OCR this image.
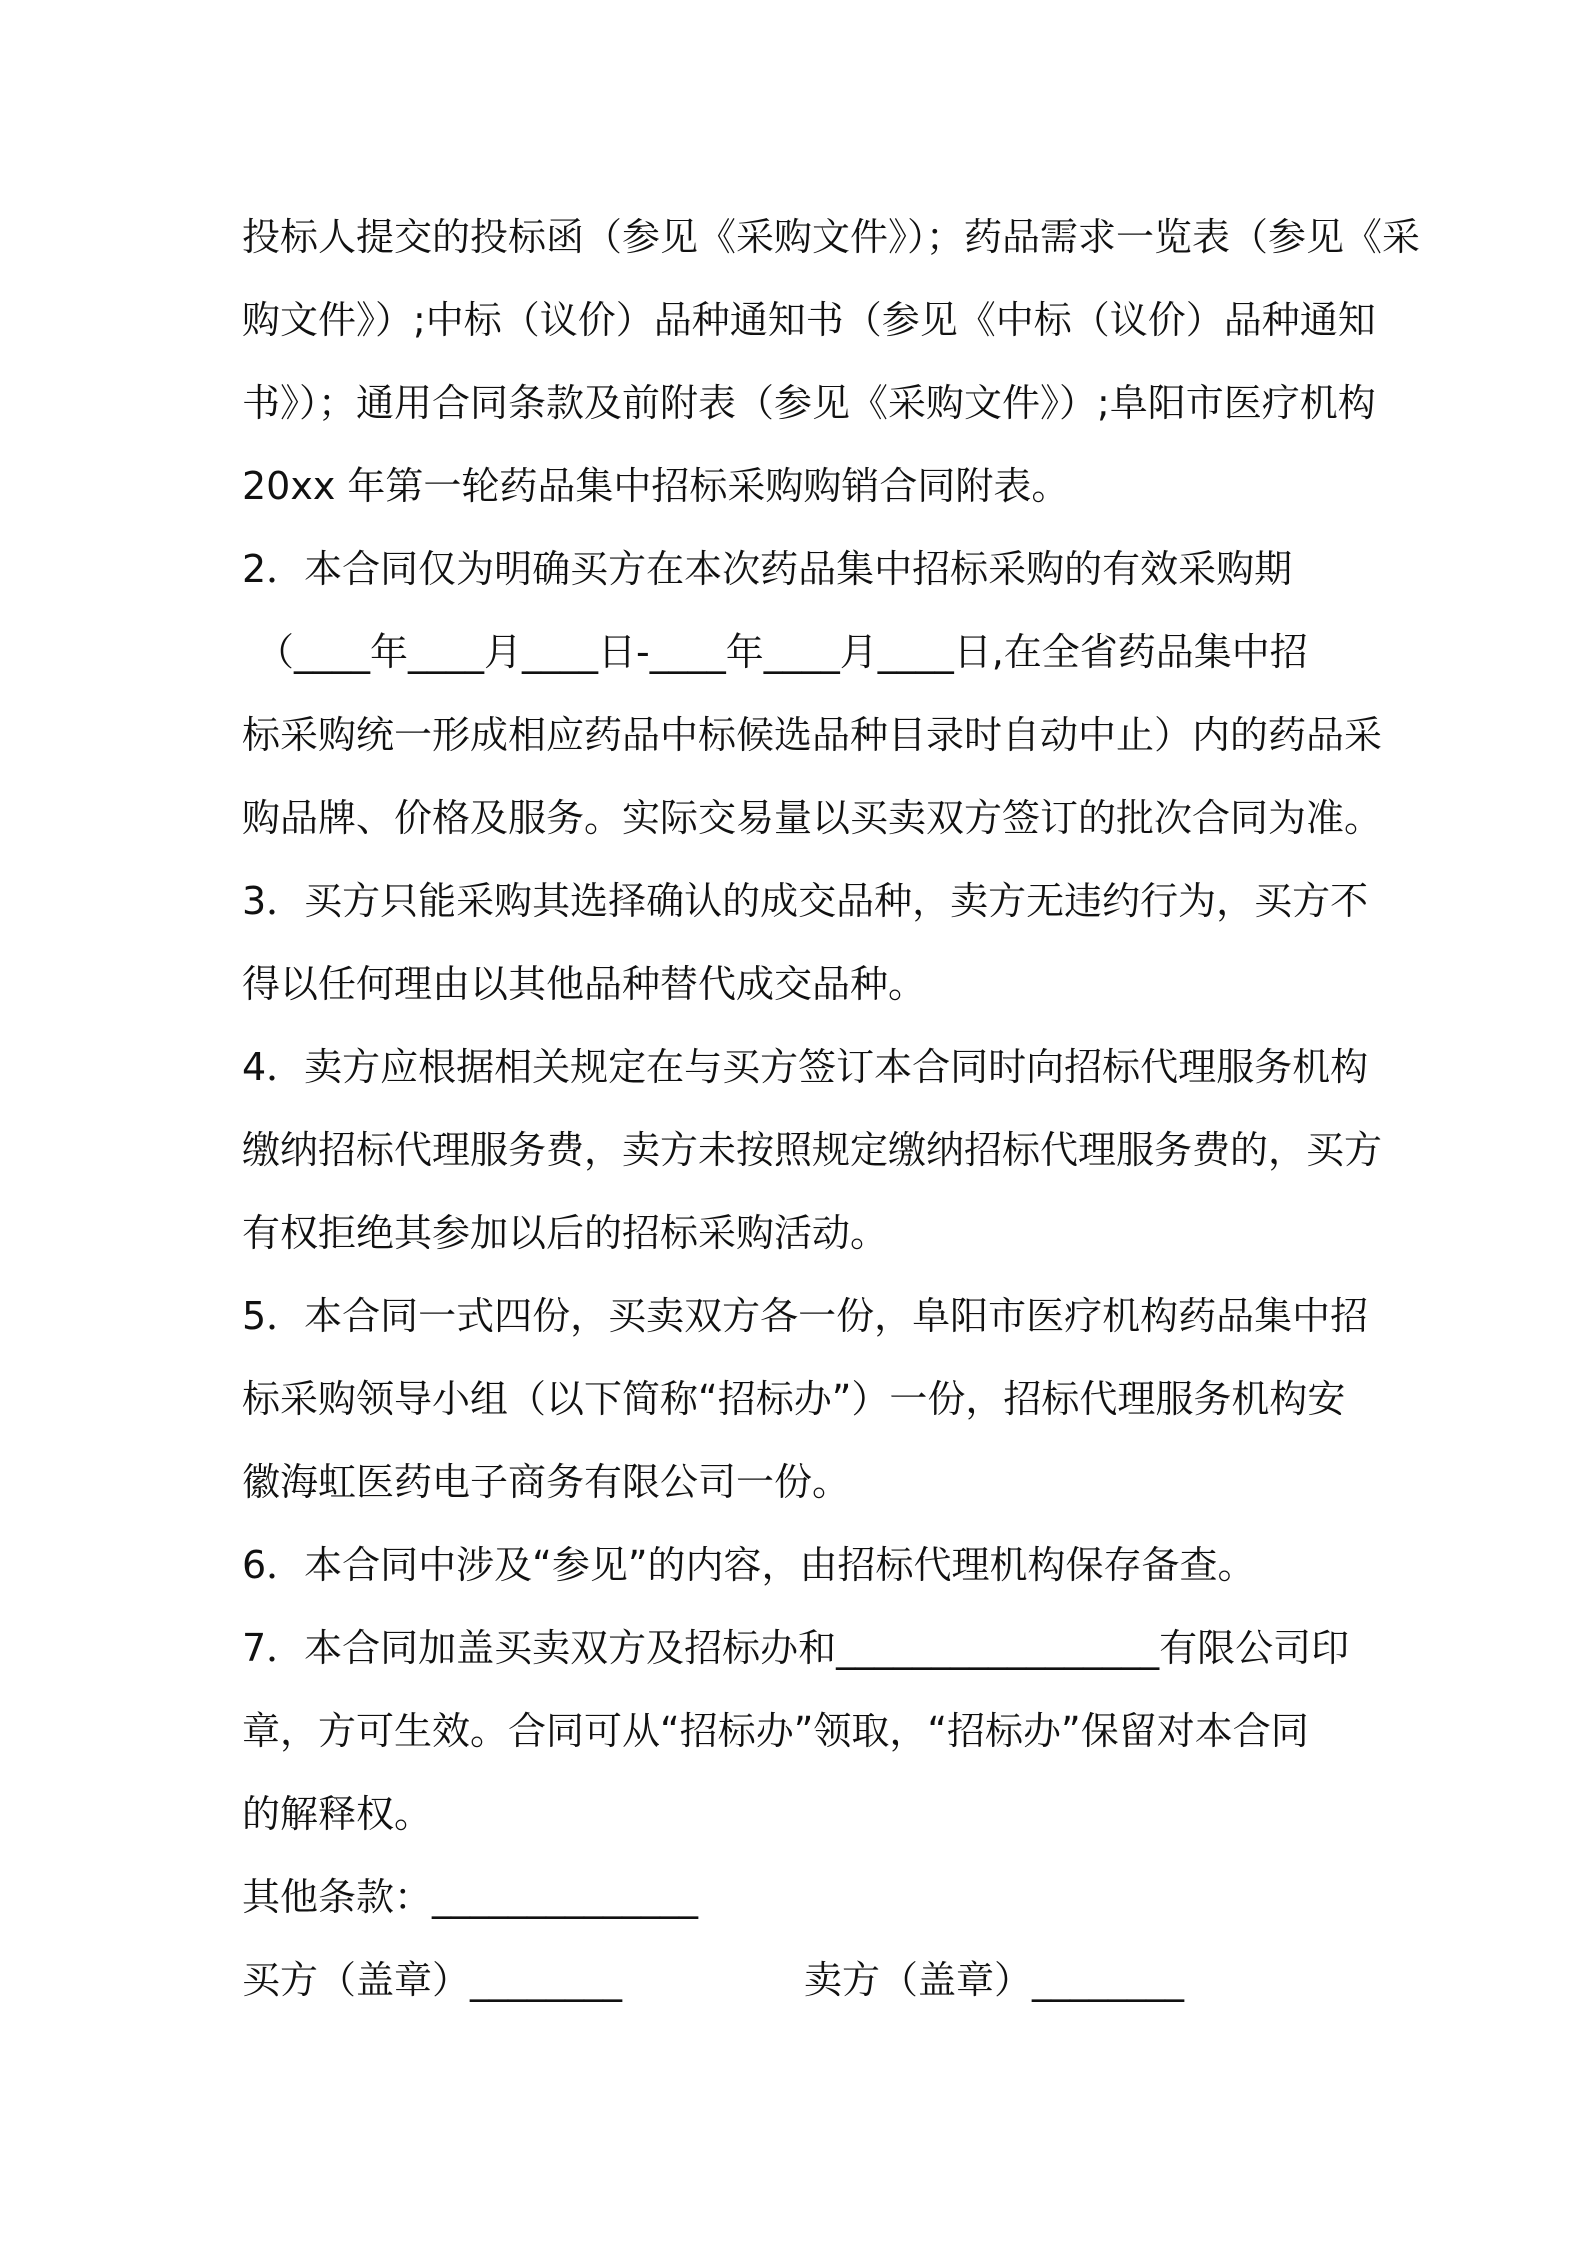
投标人提交的投标函（参见《采购文件》）；药品需求一览表（参见《采
购文件》）;中标（议价）品种通知书（参见《中标（议价）品种通知
书》）；通用合同条款及前附表（参见《采购文件》）;阜阳市医疗机构
20xx 年第一轮药品集中招标采购购销合同附表。
2．本合同仅为明确买方在本次药品集中招标采购的有效采购期
（____年____月____日-____年____月____日,在全省药品集中招
标采购统一形成相应药品中标候选品种目录时自动中止）内的药品采
购品牌、价格及服务。实际交易量以买卖双方签订的批次合同为准。
3．买方只能采购其选择确认的成交品种，卖方无违约行为，买方不
得以任何理由以其他品种替代成交品种。
4．卖方应根据相关规定在与买方签订本合同时向招标代理服务机构
缴纳招标代理服务费，卖方未按照规定缴纳招标代理服务费的，买方
有权拒绝其参加以后的招标采购活动。
5．本合同一式四份，买卖双方各一份，阜阳市医疗机构药品集中招
标采购领导小组（以下简称“招标办”）一份，招标代理服务机构安
徽海虹医药电子商务有限公司一份。
6．本合同中涉及“参见”的内容，由招标代理机构保存备查。
7．本合同加盖买卖双方及招标办和_________________有限公司印
章，方可生效。合同可从“招标办”领取，“招标办”保留对本合同
的解释权。
其他条款：______________
买方（盖章）________	卖方（盖章）________
